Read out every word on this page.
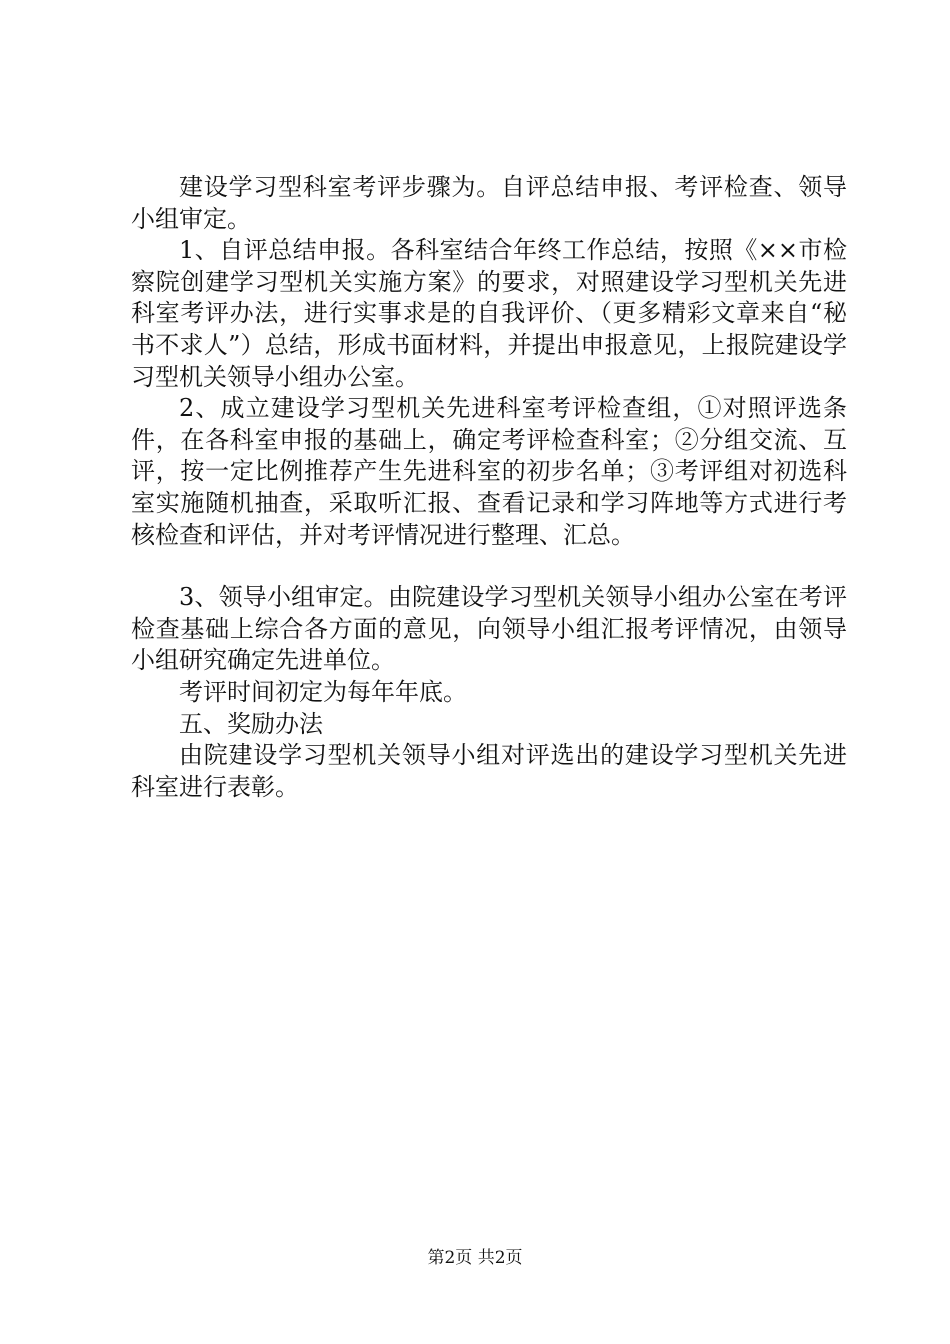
建设学习型科室考评步骤为。自评总结申报、考评检查、领导小组审定。

1、自评总结申报。各科室结合年终工作总结，按照《××市检察院创建学习型机关实施方案》的要求，对照建设学习型机关先进科室考评办法，进行实事求是的自我评价、（更多精彩文章来自“秘书不求人”）总结，形成书面材料，并提出申报意见，上报院建设学习型机关领导小组办公室。

2、成立建设学习型机关先进科室考评检查组，①对照评选条件，在各科室申报的基础上，确定考评检查科室；②分组交流、互评，按一定比例推荐产生先进科室的初步名单；③考评组对初选科室实施随机抽查，采取听汇报、查看记录和学习阵地等方式进行考核检查和评估，并对考评情况进行整理、汇总。

3、领导小组审定。由院建设学习型机关领导小组办公室在考评检查基础上综合各方面的意见，向领导小组汇报考评情况，由领导小组研究确定先进单位。

考评时间初定为每年年底。

五、奖励办法

由院建设学习型机关领导小组对评选出的建设学习型机关先进科室进行表彰。

第2页 共2页
